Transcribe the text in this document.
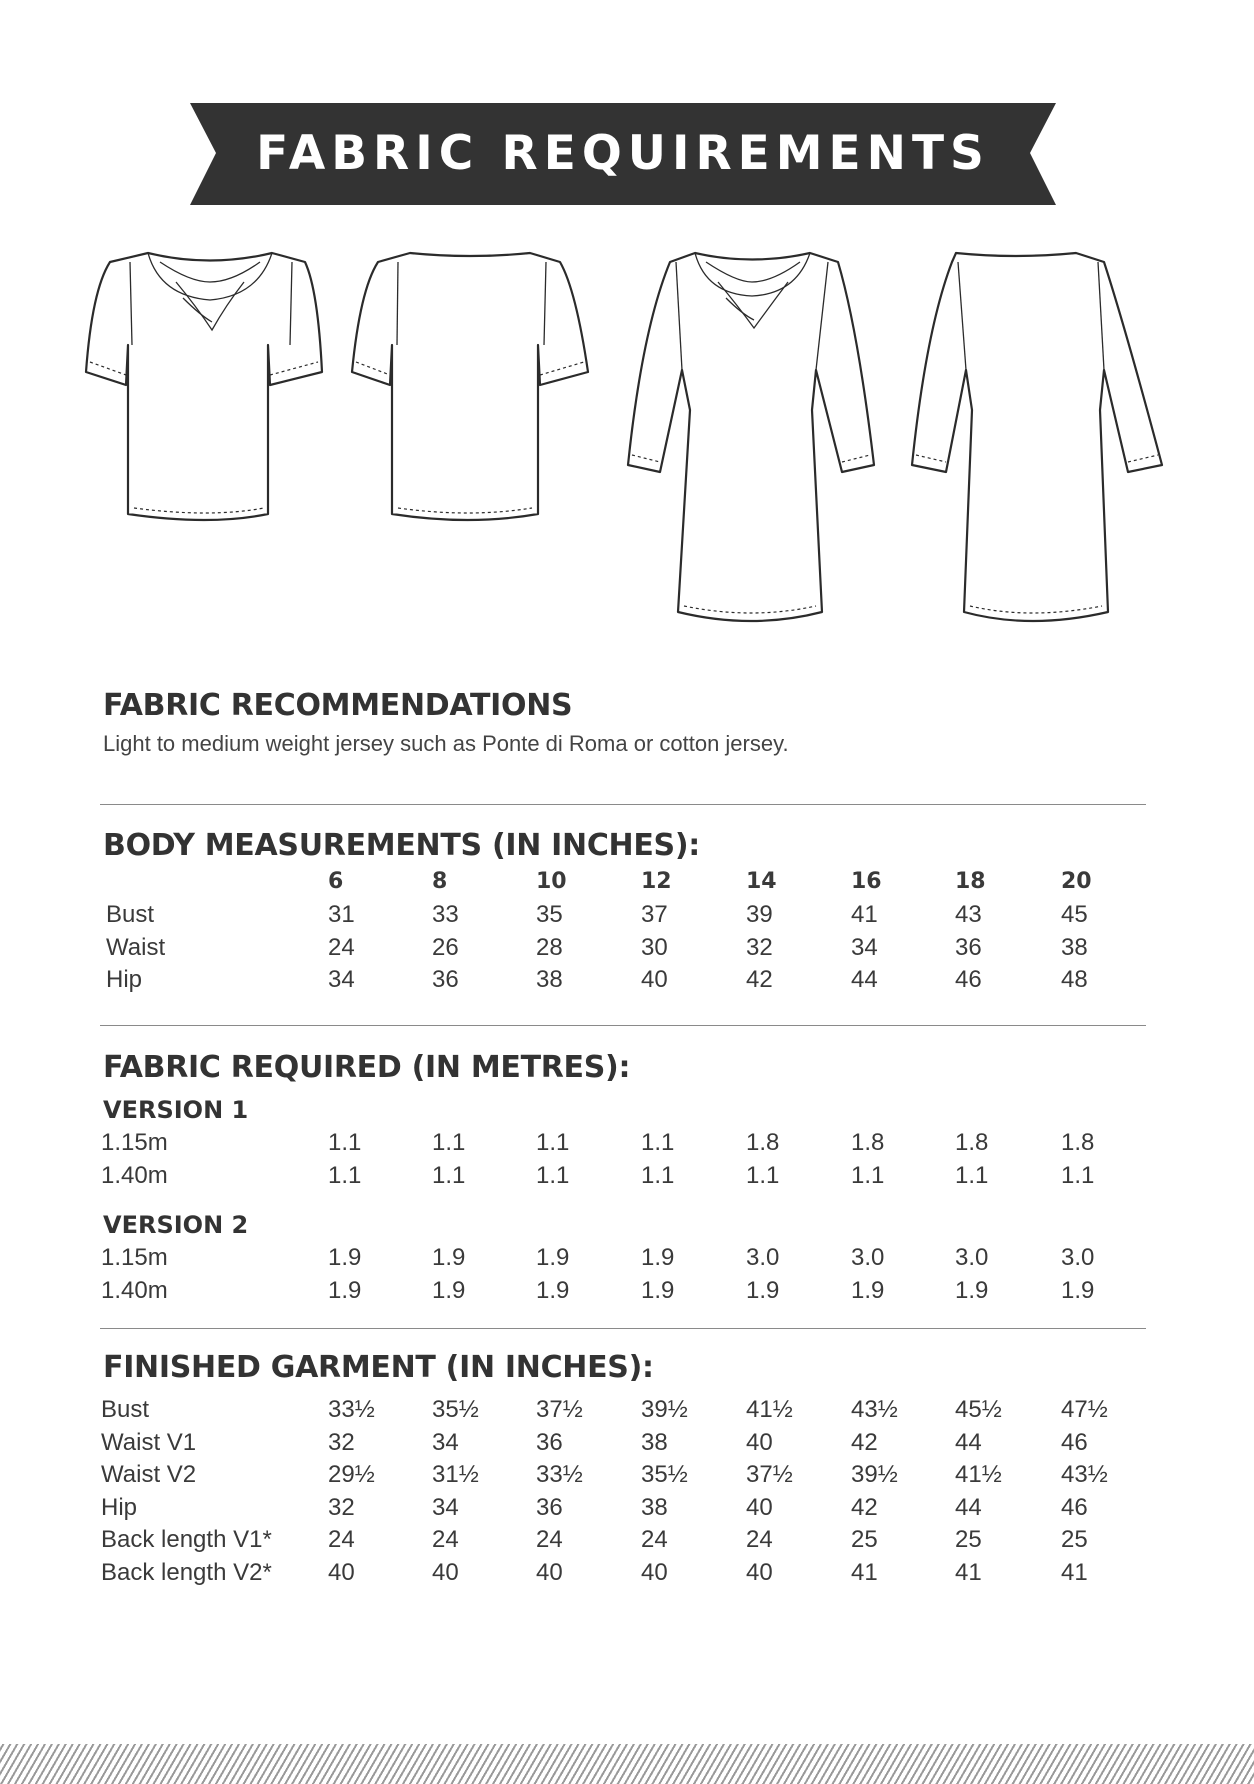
FABRIC REQUIREMENTS
FABRIC RECOMMENDATIONS
Light to medium weight jersey such as Ponte di Roma or cotton jersey.
BODY MEASUREMENTS (IN INCHES):
6	8	10	12	14	16	18	20
Bust	31	33	35	37	39	41	43	45
Waist	24	26	28	30	32	34	36	38
Hip	34	36	38	40	42	44	46	48
FABRIC REQUIRED (IN METRES):
VERSION 1
1.15m	1.1	1.1	1.1	1.1	1.8	1.8	1.8	1.8
1.40m	1.1	1.1	1.1	1.1	1.1	1.1	1.1	1.1
VERSION 2
1.15m	1.9	1.9	1.9	1.9	3.0	3.0	3.0	3.0
1.40m	1.9	1.9	1.9	1.9	1.9	1.9	1.9	1.9
FINISHED GARMENT (IN INCHES):
Bust	33½ 35½ 37½ 39½ 41½ 43½ 45½ 47½
Waist V1	32	34	36	38	40	42	44	46
Waist V2	29½ 31½ 33½ 35½ 37½ 39½ 41½ 43½
Hip	32	34	36	38	40	42	44	46
Back length V1* 24	24	24	24	24	25	25	25
Back length V2* 40	40	40	40	40	41	41	41
